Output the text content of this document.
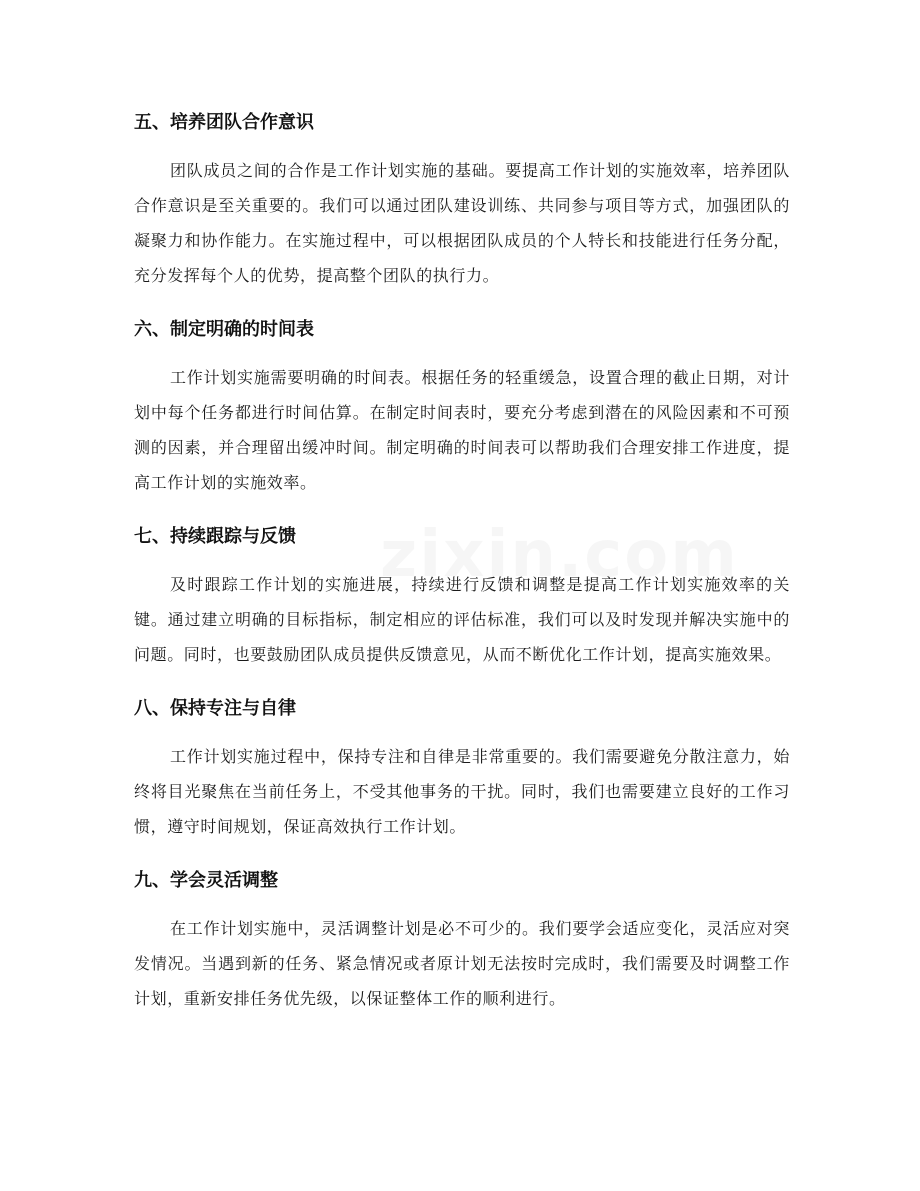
五、培养团队合作意识

团队成员之间的合作是工作计划实施的基础。要提高工作计划的实施效率，培养团队合作意识是至关重要的。我们可以通过团队建设训练、共同参与项目等方式，加强团队的凝聚力和协作能力。在实施过程中，可以根据团队成员的个人特长和技能进行任务分配，充分发挥每个人的优势，提高整个团队的执行力。

六、制定明确的时间表

工作计划实施需要明确的时间表。根据任务的轻重缓急，设置合理的截止日期，对计划中每个任务都进行时间估算。在制定时间表时，要充分考虑到潜在的风险因素和不可预测的因素，并合理留出缓冲时间。制定明确的时间表可以帮助我们合理安排工作进度，提高工作计划的实施效率。

七、持续跟踪与反馈

及时跟踪工作计划的实施进展，持续进行反馈和调整是提高工作计划实施效率的关键。通过建立明确的目标指标，制定相应的评估标准，我们可以及时发现并解决实施中的问题。同时，也要鼓励团队成员提供反馈意见，从而不断优化工作计划，提高实施效果。

八、保持专注与自律

工作计划实施过程中，保持专注和自律是非常重要的。我们需要避免分散注意力，始终将目光聚焦在当前任务上，不受其他事务的干扰。同时，我们也需要建立良好的工作习惯，遵守时间规划，保证高效执行工作计划。

九、学会灵活调整

在工作计划实施中，灵活调整计划是必不可少的。我们要学会适应变化，灵活应对突发情况。当遇到新的任务、紧急情况或者原计划无法按时完成时，我们需要及时调整工作计划，重新安排任务优先级，以保证整体工作的顺利进行。
